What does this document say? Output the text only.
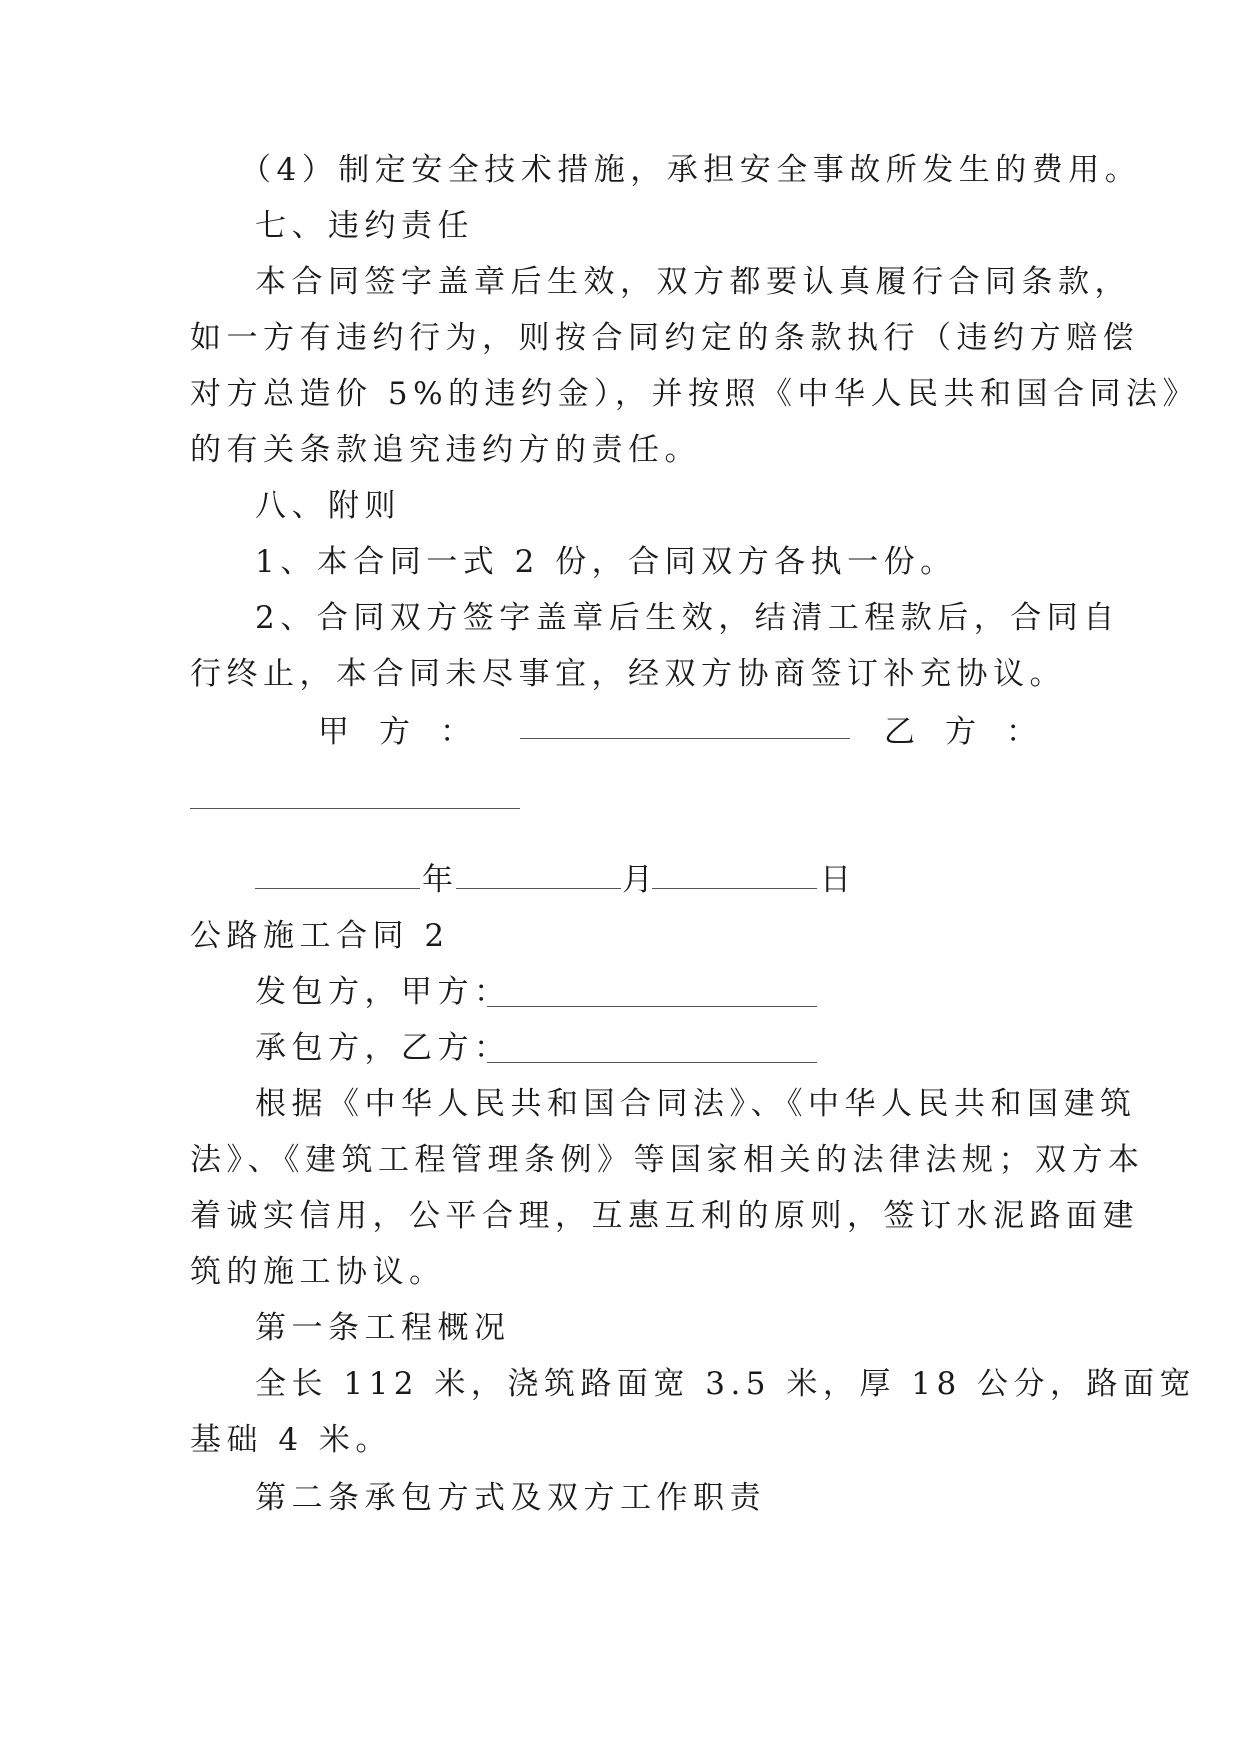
（4）制定安全技术措施，承担安全事故所发生的费用。
七、违约责任
本合同签字盖章后生效，双方都要认真履行合同条款，
如一方有违约行为，则按合同约定的条款执行（违约方赔偿
对方总造价 5%的违约金），并按照《中华人民共和国合同法》
的有关条款追究违约方的责任。
八、附则
1、本合同一式 2 份，合同双方各执一份。
2、合同双方签字盖章后生效，结清工程款后，合同自
行终止，本合同未尽事宜，经双方协商签订补充协议。
甲方：	乙方：
年	月	日
公路施工合同 2
发包方，甲方：
承包方，乙方：
根据《中华人民共和国合同法》、《中华人民共和国建筑
法》、《建筑工程管理条例》等国家相关的法律法规；双方本
着诚实信用，公平合理，互惠互利的原则，签订水泥路面建
筑的施工协议。
第一条工程概况
全长 112 米，浇筑路面宽 3.5 米，厚 18 公分，路面宽
基础 4 米。
第二条承包方式及双方工作职责
